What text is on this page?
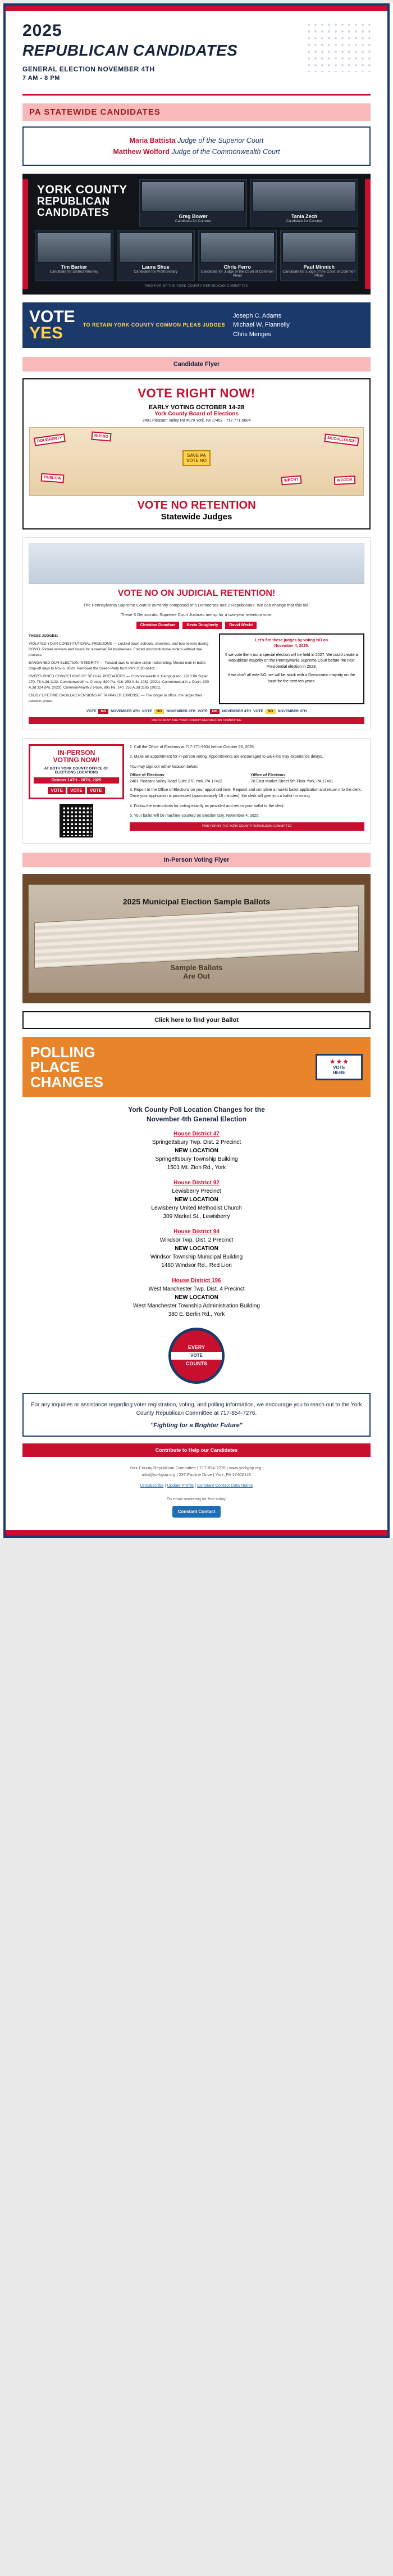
2025
REPUBLICAN CANDIDATES
GENERAL ELECTION NOVEMBER 4TH
7 AM - 8 PM
PA STATEWIDE CANDIDATES
Maria Battista Judge of the Superior Court
Matthew Wolford Judge of the Commonwealth Court
YORK COUNTY
REPUBLICAN
CANDIDATES	Greg Bower
Candidate for Coroner
Tania Zech
Candidate for Coroner
Tim Barker
Candidate for District Attorney
Laura Shue
Candidate for Prothonotary
Chris Ferro
Candidate for Judge of the Court of Common Pleas
Paul Minnich
Candidate for Judge of the Court of Common Pleas
PAID FOR BY THE YORK COUNTY REPUBLICAN COMMITTEE
VOTE
YES	TO RETAIN YORK COUNTY COMMON PLEAS JUDGES
Joseph C. Adams
Michael W. Flannelly
Chris Menges
Candidate Flyer
VOTE RIGHT NOW!
EARLY VOTING OCTOBER 14-28
York County Board of Elections
2401 Pleasant Valley Rd #279 York, PA 17402 - 717-771-9604
DOUGHERTY	RUSSO
DUSLOW
MCCULLOUGH
WECHT	WOJCIK
SAVE PA
VOTE NO
VOTE NO RETENTION
Statewide Judges
VOTE NO ON JUDICIAL RETENTION!
The Pennsylvania Supreme Court is currently composed of 5 Democrats and 2 Republicans. We can change that this fall!
These 3 Democratic Supreme Court Justices are up for a two-year retention vote:
Christine Donohue	Kevin Dougherty	David Wecht
THESE JUDGES:
VIOLATED YOUR CONSTITUTIONAL FREEDOMS — Locked down schools, churches, and businesses during COVID. Picked winners and losers for 'essential' PA businesses. Forced unconstitutional orders without due process.
BARGAINED OUR ELECTION INTEGRITY — Twisted laws to enable unfair redistricting. Moved mail-in ballot drop-off days to Nov 6, 2020. Removed the Green Party from PA's 2020 ballot.
OVERTURNED CONVICTIONS OF SEXUAL PREDATORS — Commonwealth v. Campopiano, 2013 PA Super 270, 78 A.3d 1122. Commonwealth v. Crosby, 890 Pa. 416, 252 A.3d 1082 (2021). Commonwealth v. Dunn, 300 A.3d 324 (Pa. 2023). Commonwealth v. Pope, 895 Pa. 140, 255 A.3d 1165 (2021).
ENJOY LIFETIME CADILLAC PENSIONS AT TAXPAYER EXPENSE — The longer in office, the larger their pension grows.
Let's fire these judges by voting NO on
November 4, 2025.
If we vote them out a special election will be held in 2027. We could create a Republican majority on the Pennsylvania Supreme Court before the next Presidential election in 2028.
If we don't all vote NO, we will be stuck with a Democratic majority on the court for the next ten years.
VOTE	NO	NOVEMBER 4TH VOTE	NO	NOVEMBER 4TH VOTE	NO	NOVEMBER 4TH VOTE	NO	NOVEMBER 4TH
PAID FOR BY THE YORK COUNTY REPUBLICAN COMMITTEE
IN-PERSON
VOTING NOW!
AT BOTH YORK COUNTY OFFICE OF ELECTIONS LOCATIONS
October 14TH - 28TH, 2025
VOTE	VOTE	VOTE
1. Call the Office of Elections at 717-771-9604 before October 28, 2025.
2. Make an appointment for in-person voting. Appointments are encouraged to walk-ins may experience delays.
You may sign our either location below:
Office of Elections
2401 Pleasant Valley Road Suite 270 York, PA 17402
Office of Elections
28 East Market Street 5th Floor York, PA 17401
3. Report to the Office of Elections on your appointed time. Request and complete a mail-in ballot application and return it to the clerk. Once your application is processed (approximately 15 minutes), the clerk will give you a ballot for voting.
4. Follow the instructions for voting exactly as provided and return your ballot to the clerk.
5. Your ballot will be machine-counted on Election Day, November 4, 2025.
PAID FOR BY THE YORK COUNTY REPUBLICAN COMMITTEE
In-Person Voting Flyer
2025 Municipal Election Sample Ballots
Sample Ballots
Are Out
Click here to find your Ballot
POLLING
PLACE
CHANGES
★ ★ ★
VOTE
HERE
York County Poll Location Changes for the
November 4th General Election
House District 47
Springettsbury Twp. Dist. 2 Precinct
NEW LOCATION
Springettsbury Township Building
1501 Mt. Zion Rd., York
House District 92
Lewisberry Precinct
NEW LOCATION
Lewisberry United Methodist Church
309 Market St., Lewisberry
House District 94
Windsor Twp. Dist. 2 Precinct
NEW LOCATION
Windsor Township Municipal Building
1480 Windsor Rd., Red Lion
House District 196
West Manchester Twp. Dist. 4 Precinct
NEW LOCATION
West Manchester Township Administration Building
380 E. Berlin Rd., York
EVERY
VOTE
COUNTS

For any inquiries or assistance regarding voter registration, voting, and polling information, we encourage you to reach out to the York County Republican Committee at 717-854-7276.

"Fighting for a Brighter Future"
Contribute to Help our Candidates
York County Republican Committee | 717-854-7276 | www.yorkgop.org |
info@yorkgop.org | 237 Pauline Drive | York, PA 17402 US
Unsubscribe | Update Profile | Constant Contact Data Notice
Try email marketing for free today!
Constant Contact
